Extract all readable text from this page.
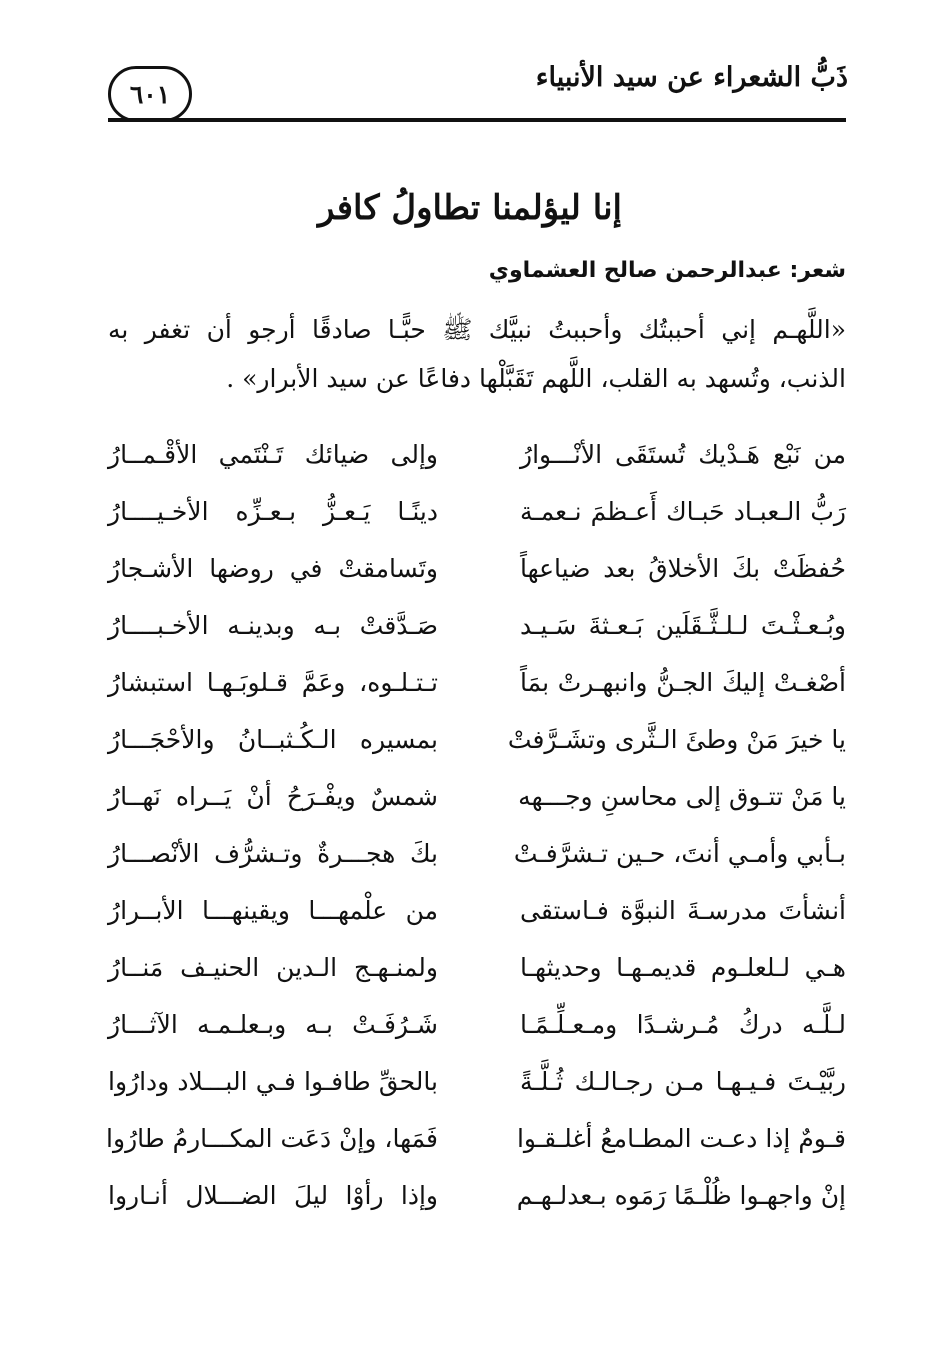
ذَبُّ الشعراء عن سيد الأنبياء
٦٠١
إنا ليؤلمنا تطاولُ كافر
شعر: عبدالرحمن صالح العشماوي
«اللَّهـم إني أحببتُك وأحببتُ نبيَّك ﷺ حبًّـا صادقًا أرجو أن تغفر به
الذنب، وتُسهد به القلب، اللَّهم تَقَبَّلْها دفاعًا عن سيد الأبرار» .
من نَبْع هَـدْيك تُستَقَى الأنْـــوارُ
وإلى ضيائك تَـنْتَمي الأقْـمــارُ
رَبُّ الـعبـاد حَبـاك أَعـظمَ نـعمـة
دينًـا يَـعـزُّ بـعـزِّه الأخـيــــارُ
حُفظَتْ بكَ الأخلاقُ بعد ضياعهاً
وتَسامقتْ في روضها الأشـجارُ
وبُـعـثْـتَ لـلـثَّـقَلَين بَـعـثةَ سَـيـد
صَـدَّقتْ بـه وبدينـه الأخـبــــارُ
أصْغـتْ إليكَ الجـنُّ وانبهـرتْ بمَاً
تـتـلـوه، وعَمَّ قـلوبَـهـا استبشارُ
يا خيرَ مَنْ وطئَ الـثَّرى وتشَـرَّفتْ
بمسيره الـكُـثبــانُ والأحْجَـــارُ
يا مَنْ تتـوق إلى محاسنِ وجـــهه
شمسٌ ويفْـرَحُ أنْ يَــراه نَهــارُ
بـأبي وأمـي أنتَ، حـين تـشرَّفـتْ
بكَ هجـــرةٌ وتـشرُّف الأنْصـــارُ
أنشأتَ مدرسـةَ النبوَّة فـاستقى
من علْمهـــا ويقينهـــا الأبــرارُ
هـي لـلعلـوم قديمـهـا وحديثهـا
ولمنـهـج الـدين الحنيـف مَنــارُ
لـلَّـه دركُ مُـرشـدًا ومـعـلِّـمًـا
شَـرُفَـتْ بـه وبـعلـمـه الآثـــارُ
ربَّيْـتَ فـيـهـا مـن رجـالـك ثُـلَّـةً
بالحقِّ طافـوا فـي البـــلاد ودارُوا
قـومٌ إذا دعـت المطـامعُ أغلـقـوا
فَمَها، وإنْ دَعَت المكـــارمُ طارُوا
إنْ واجهـوا ظُلْـمًا رَمَوه بـعدلـهـم
وإذا رأوْا ليلَ الضـــلال أنـاروا
